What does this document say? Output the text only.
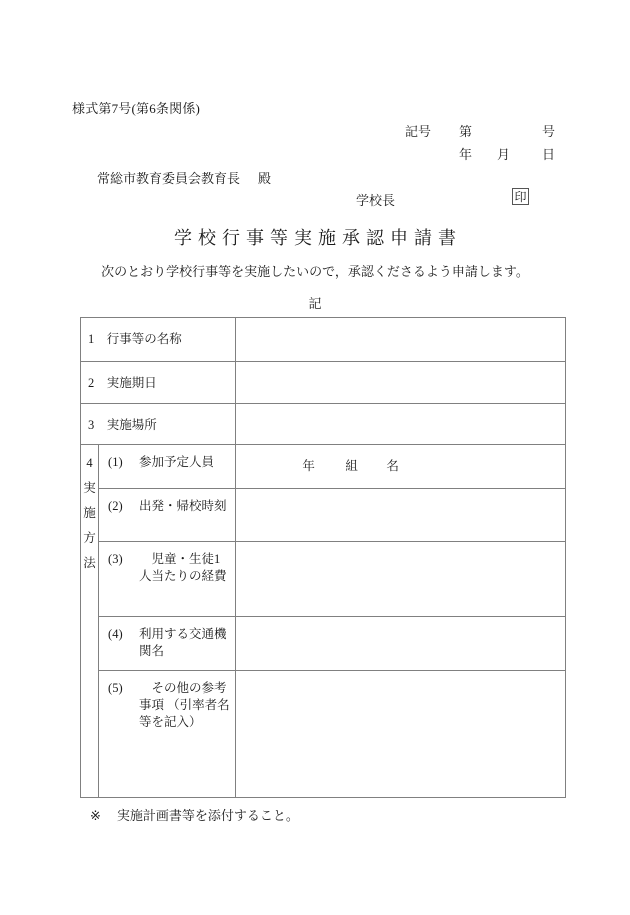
様式第7号(第6条関係)
記号 第	号
年 月 日
常総市教育委員会教育長 殿
学校長	印
学校行事等実施承認申請書
次のとおり学校行事等を実施したいので，承認くださるよう申請します。
記
1　 行事等の名称		

2　 実施期日		

3　 実施場所		

4
実
施
方
法	(1) 参加予定人員	年 組 名

	(2) 出発・帰校時刻	

	(3)　児童・生徒1人当たりの経費	

	(4) 利用する交通機関名	

	(5)　その他の参考事項 （引率者名等を記入）	

※ 実施計画書等を添付すること。
